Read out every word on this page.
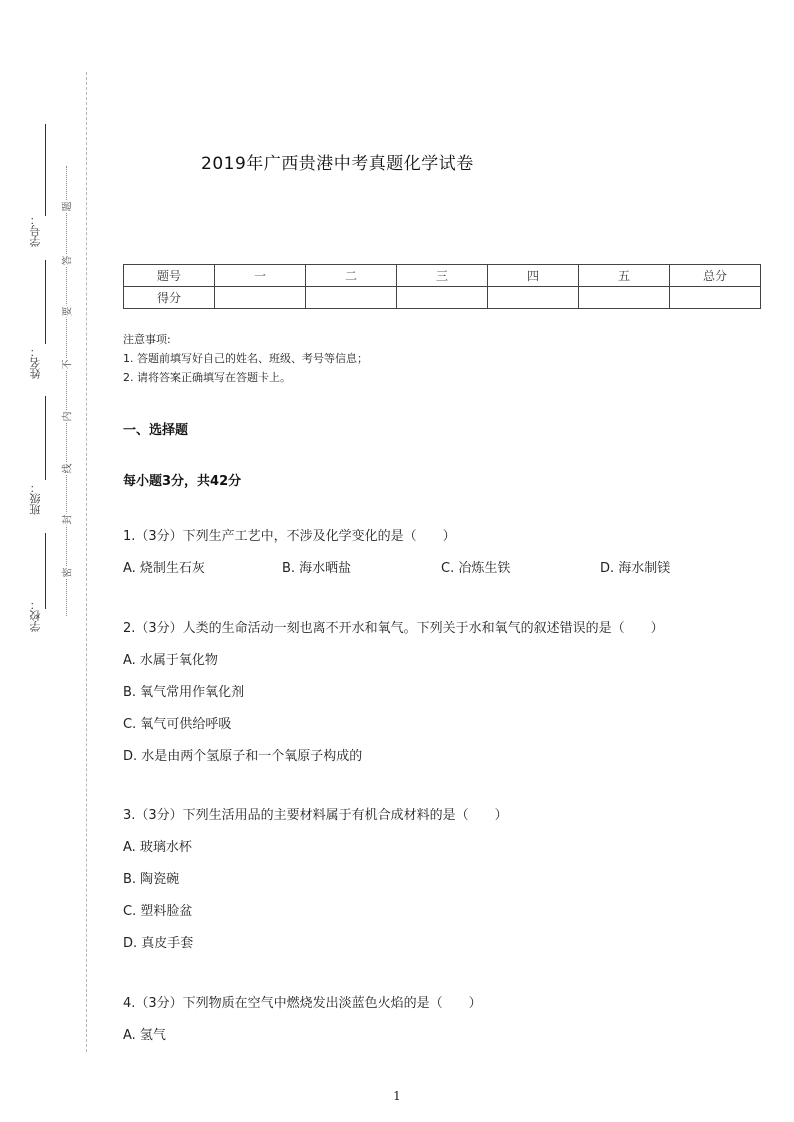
学号：
姓名：
班级：
学校：
题
答
要
不
内
线
封
密
2019年广西贵港中考真题化学试卷
题号	一	二	三	四	五	总分
得分						
注意事项:
1. 答题前填写好自己的姓名、班级、考号等信息；
2. 请将答案正确填写在答题卡上。
一、选择题
每小题3分，共42分
1.（3分）下列生产工艺中，不涉及化学变化的是（　　）
A. 烧制生石灰	B. 海水晒盐	C. 冶炼生铁	D. 海水制镁
2.（3分）人类的生命活动一刻也离不开水和氧气。下列关于水和氧气的叙述错误的是（　　）
A. 水属于氧化物
B. 氧气常用作氧化剂
C. 氧气可供给呼吸
D. 水是由两个氢原子和一个氧原子构成的
3.（3分）下列生活用品的主要材料属于有机合成材料的是（　　）
A. 玻璃水杯
B. 陶瓷碗
C. 塑料脸盆
D. 真皮手套
4.（3分）下列物质在空气中燃烧发出淡蓝色火焰的是（　　）
A. 氢气
1
